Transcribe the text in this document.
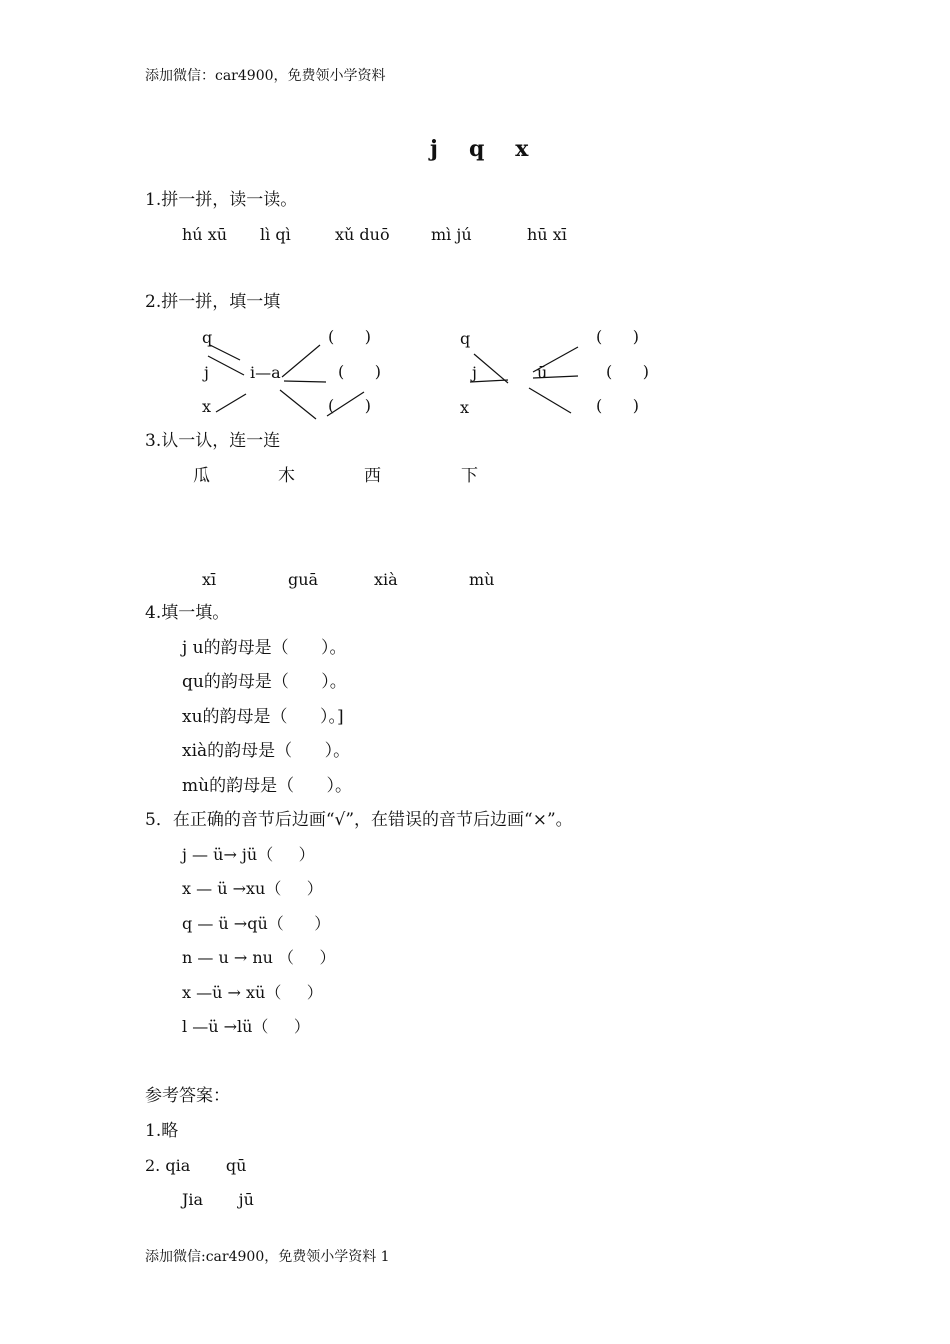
添加微信：car4900，免费领小学资料
j   q   x
1.拼一拼，读一读。
hú xū lì qì	xǔ duō	mì jú	hū xī
2.拼一拼，填一填
q
j
x
i—a
(      )
(      )
(      )
q
j
x
ū
(      )
(      )
(      )
3.认一认，连一连
瓜	木	西	下
xī	guā	xià	mù
4.填一填。
j u的韵母是（      ）。
qu的韵母是（      ）。
xu的韵母是（      ）。]
xià的韵母是（      ）。
mù的韵母是（      ）。
5．在正确的音节后边画“√”，在错误的音节后边画“×”。
j — ü→ jü（     ）
x — ü →xu（     ）
q — ü →qü（      ）
n — u → nu （     ）
x —ü → xü（     ）
l —ü →lü（     ）
参考答案：
1.略
2. qia       qū
Jia       jū
添加微信:car4900，免费领小学资料 1
